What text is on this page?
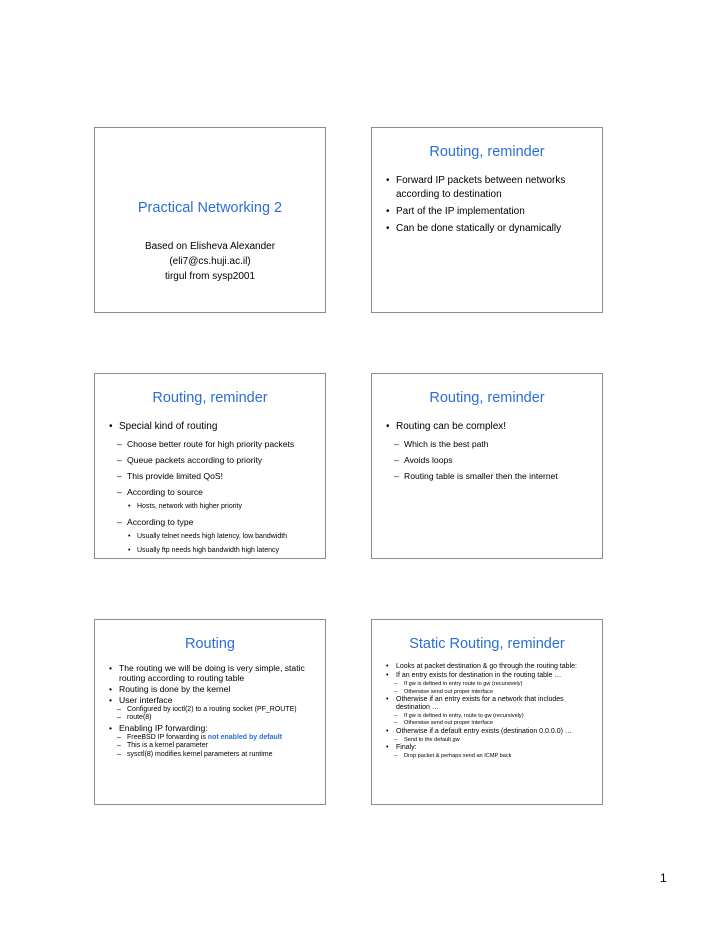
Practical Networking 2
Based on Elisheva Alexander
(eli7@cs.huji.ac.il)
tirgul from sysp2001
Routing, reminder
• Forward IP packets between networks according to destination
• Part of the IP implementation
• Can be done statically or dynamically
Routing, reminder
• Special kind of routing
– Choose better route for high priority packets
– Queue packets according to priority
– This provide limited QoS!
– According to source
• Hosts, network with higher priority
– According to type
• Usually telnet needs high latency, low bandwidth
• Usually ftp needs high bandwidth high latency
Routing, reminder
• Routing can be complex!
– Which is the best path
– Avoids loops
– Routing table is smaller then the internet
Routing
• The routing we will be doing is very simple, static routing according to routing table
• Routing is done by the kernel
• User interface
– Configured by ioctl(2) to a routing socket (PF_ROUTE)
– route(8)
• Enabling IP forwarding:
– FreeBSD IP forwarding is not enabled by default
– This is a kernel parameter
– sysctl(8) modifies kernel parameters at runtime
Static Routing, reminder
• Looks at packet destination & go through the routing table:
• If an entry exists for destination in the routing table …
– If gw is defined in entry route to gw (recursively)
– Otherwise send out proper interface
• Otherwise if an entry exists for a network that includes destination …
– If gw is defined in entry, route to gw (recursively)
– Otherwise send out proper interface
• Otherwise if a default entry exists (destination 0.0.0.0) …
– Send to the default gw
• Finaly:
– Drop packet & perhaps send an ICMP back
1
